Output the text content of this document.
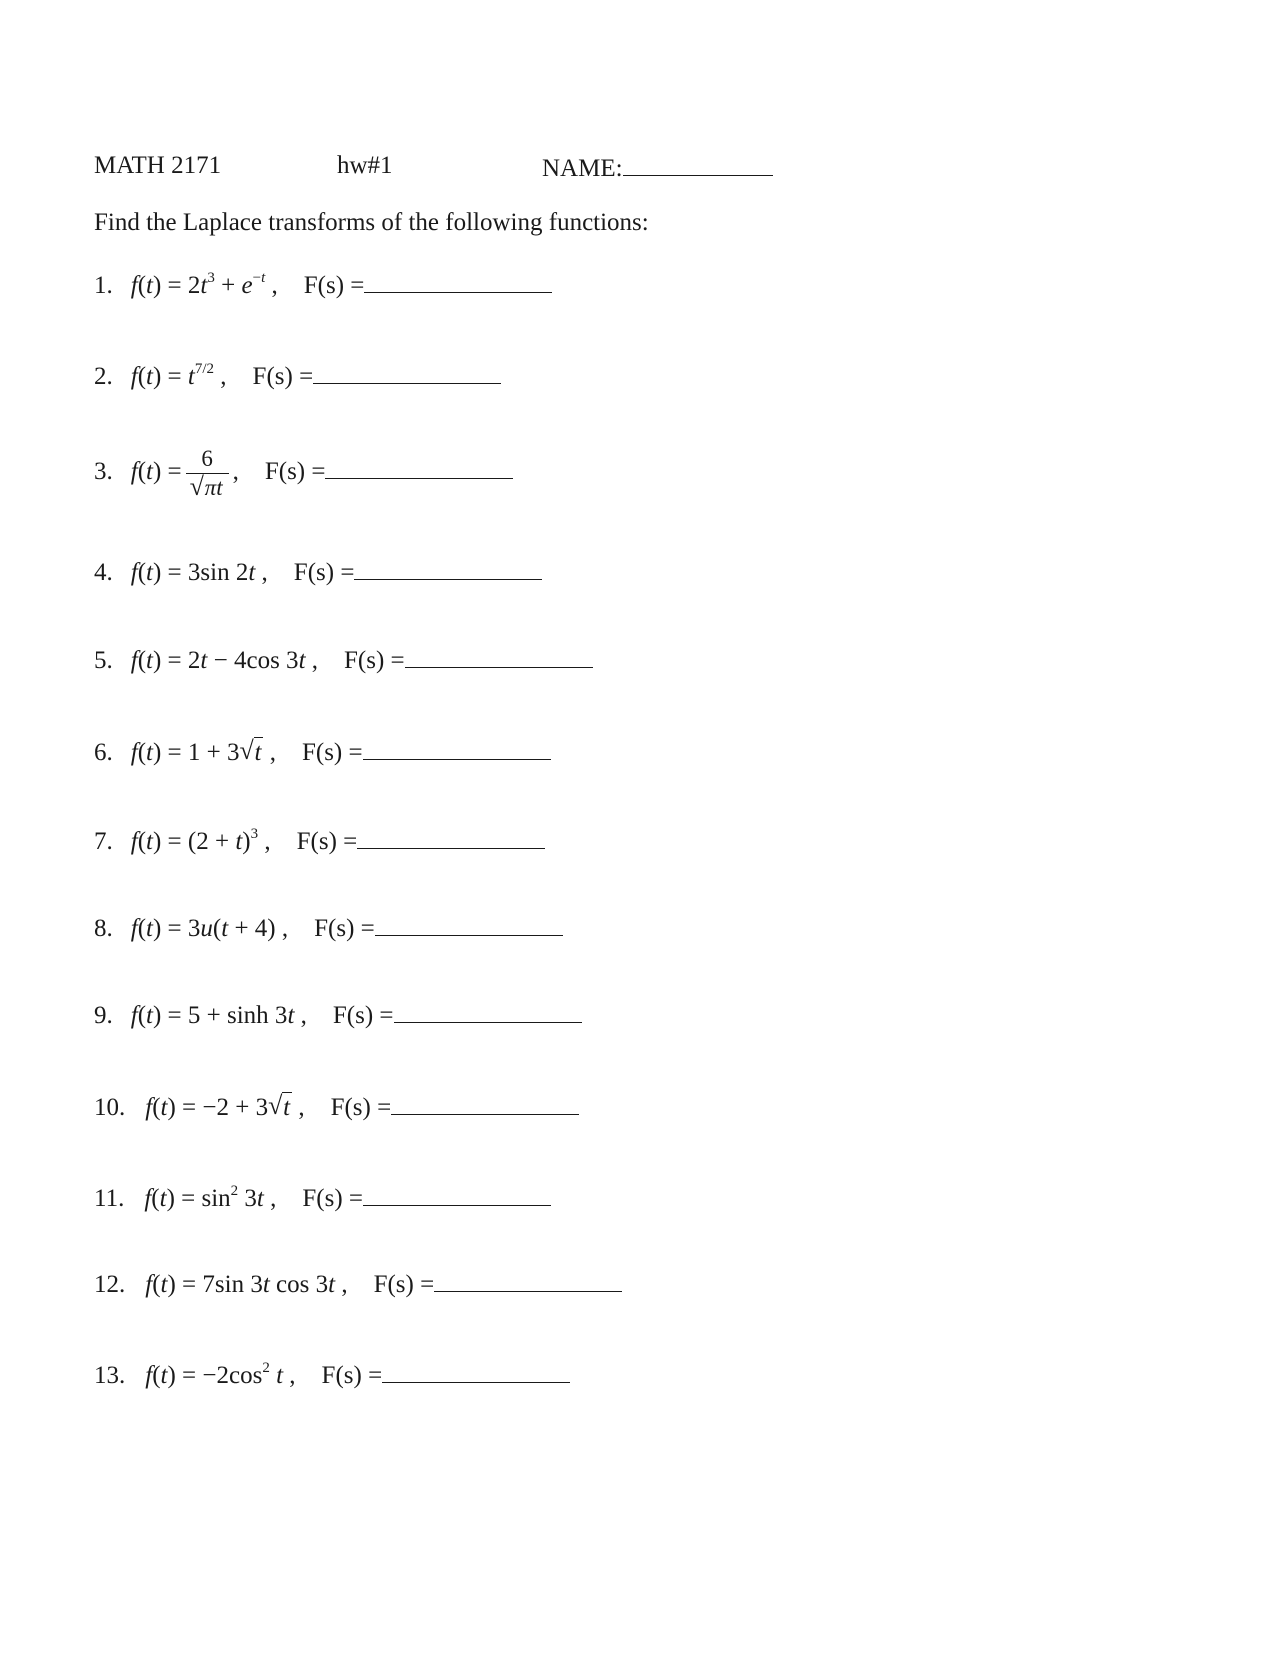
MATH 2171	hw#1	NAME:
Find the Laplace transforms of the following functions:
1. $f(t) = 2t^3 + e^{-t}$ , F(s) =
2. $f(t) = t^{7/2}$ , F(s) =
3. f(t) = 6
√ πt , F(s) =
4. f(t) = 3sin 2t , F(s) =
5. f(t) = 2t − 4cos 3t , F(s) =
6. f(t) = 1 + 3 √ t , F(s) =
7. $f(t) = (2 + t)^3$ , F(s) =
8. f(t) = 3u(t + 4) , F(s) =
9. f(t) = 5 + sinh 3t , F(s) =
10. f(t) = −2 + 3 √ t , F(s) =
11. $f(t) = \sin^2 3t$ , F(s) =
12. f(t) = 7sin 3t cos 3t , F(s) =
13. $f(t) = -2\cos^2$ t , F(s) =
